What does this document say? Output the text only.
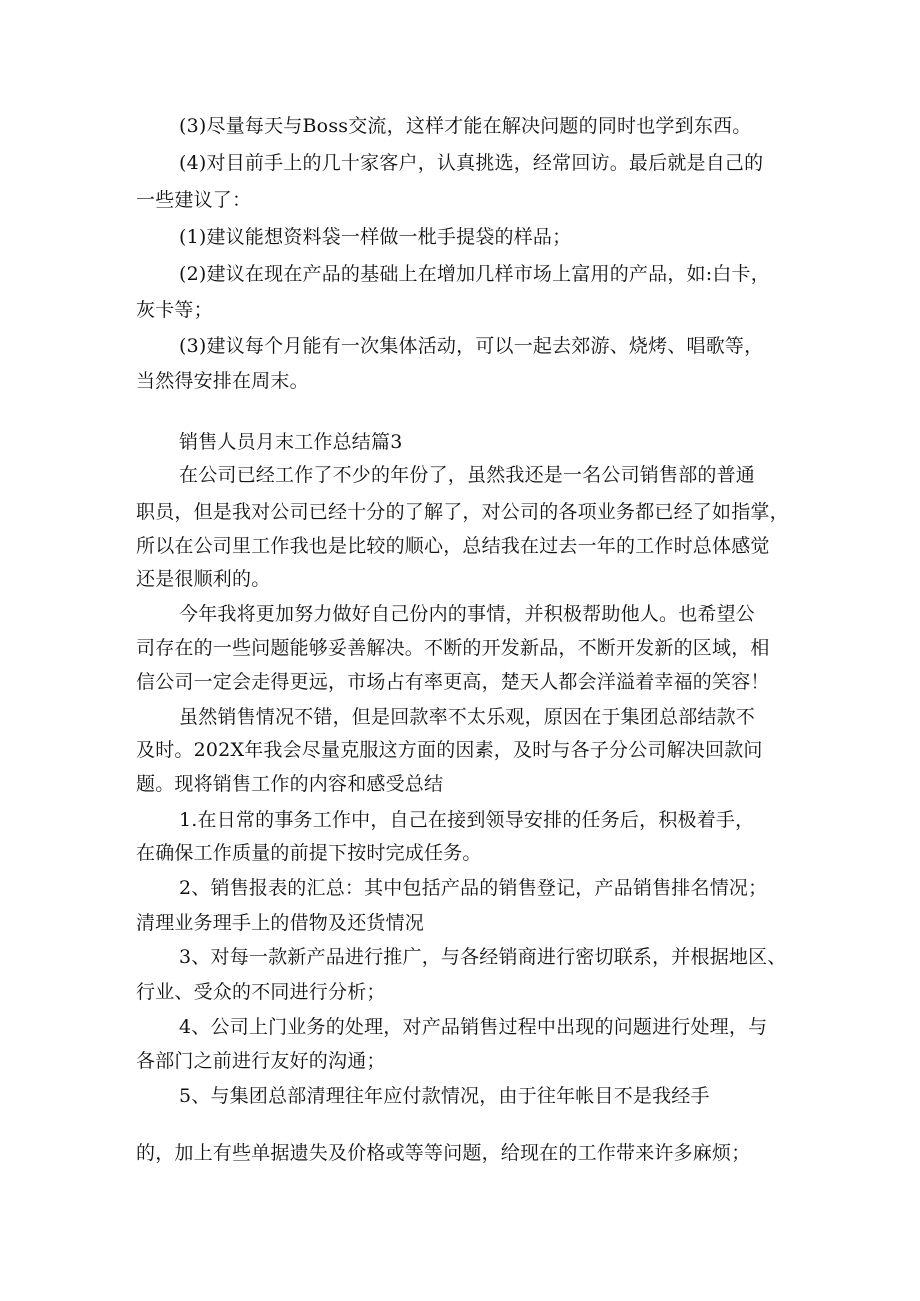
(3)尽量每天与Boss交流，这样才能在解决问题的同时也学到东西。
(4)对目前手上的几十家客户，认真挑选，经常回访。最后就是自己的
一些建议了：
(1)建议能想资料袋一样做一枇手提袋的样品；
(2)建议在现在产品的基础上在增加几样市场上富用的产品，如:白卡，
灰卡等；
(3)建议每个月能有一次集体活动，可以一起去郊游、烧烤、唱歌等，
当然得安排在周末。
销售人员月末工作总结篇3
在公司已经工作了不少的年份了，虽然我还是一名公司销售部的普通
职员，但是我对公司已经十分的了解了，对公司的各项业务都已经了如指掌，
所以在公司里工作我也是比较的顺心，总结我在过去一年的工作时总体感觉
还是很顺利的。
今年我将更加努力做好自己份内的事情，并积极帮助他人。也希望公
司存在的一些问题能够妥善解决。不断的开发新品，不断开发新的区域，相
信公司一定会走得更远，市场占有率更高，楚天人都会洋溢着幸福的笑容！
虽然销售情况不错，但是回款率不太乐观，原因在于集团总部结款不
及时。202X年我会尽量克服这方面的因素，及时与各子分公司解决回款问
题。现将销售工作的内容和感受总结
1.在日常的事务工作中，自己在接到领导安排的任务后，积极着手，
在确保工作质量的前提下按时完成任务。
2、销售报表的汇总：其中包括产品的销售登记，产品销售排名情况；
清理业务理手上的借物及还货情况
3、对每一款新产品进行推广，与各经销商进行密切联系，并根据地区、
行业、受众的不同进行分析；
4、公司上门业务的处理，对产品销售过程中出现的问题进行处理，与
各部门之前进行友好的沟通；
5、与集团总部清理往年应付款情况，由于往年帐目不是我经手
的，加上有些单据遗失及价格或等等问题，给现在的工作带来许多麻烦；
